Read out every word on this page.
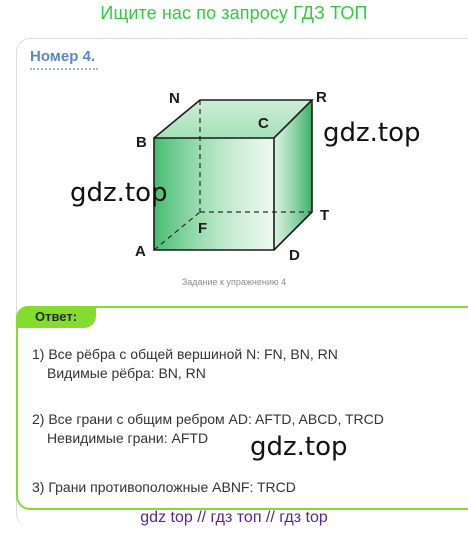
Ищите нас по запросу ГДЗ ТОП
Номер 4.
N	R
B
C
T
A
F
D
gdz.top
gdz.top
Задание к упражнению 4
Ответ:
1) Все рёбра с общей вершиной N: FN, BN, RN
Видимые рёбра: BN, RN
2) Все грани с общим ребром AD: AFTD, ABCD, TRCD
Невидимые грани: AFTD	gdz.top
3) Грани противоположные ABNF: TRCD
gdz top // гдз топ // гдз top
